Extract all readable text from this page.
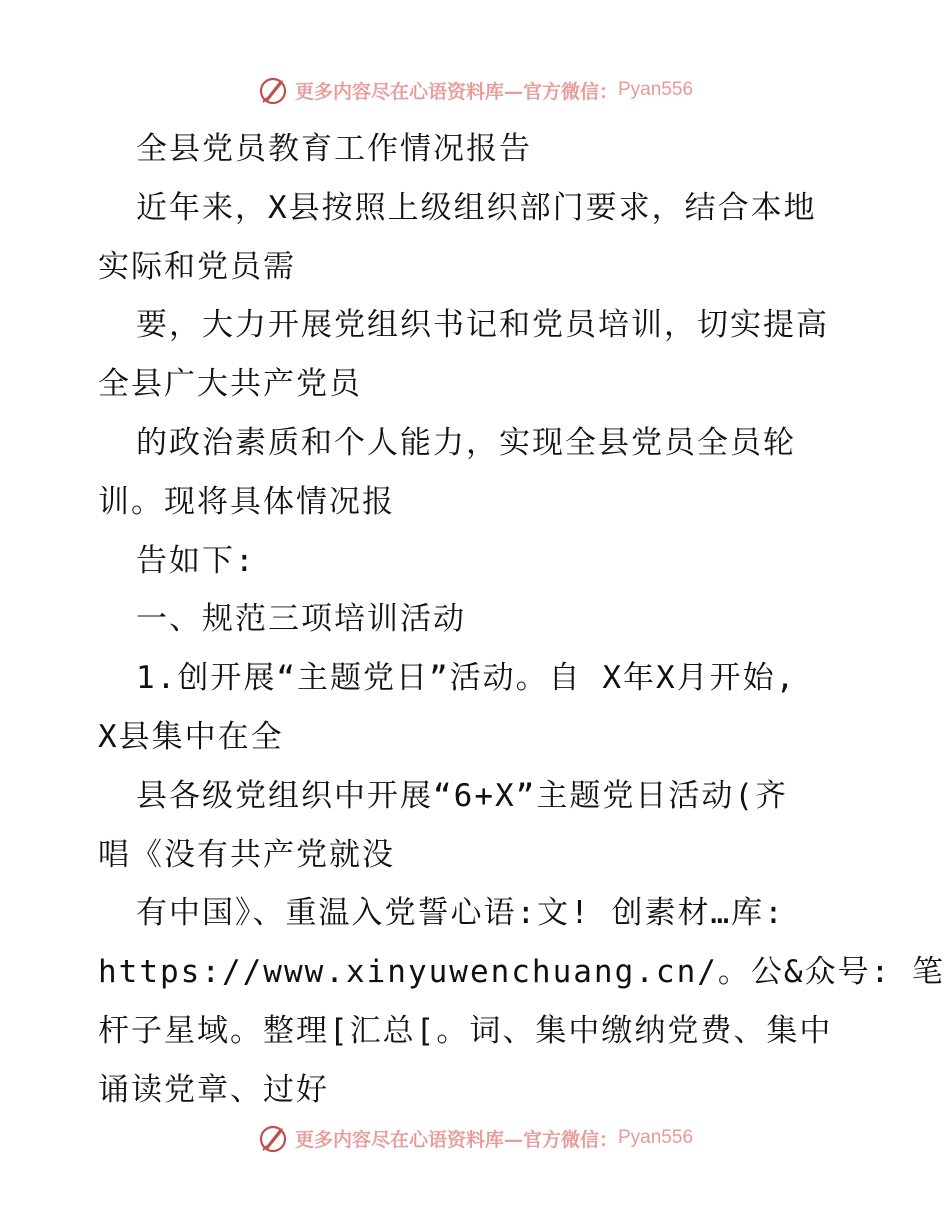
更多内容尽在心语资料库—官方微信： Pyan556
全县党员教育工作情况报告
近年来，X县按照上级组织部门要求，结合本地
实际和党员需
要，大力开展党组织书记和党员培训，切实提高
全县广大共产党员
的政治素质和个人能力，实现全县党员全员轮
训。现将具体情况报
告如下:
一、规范三项培训活动
1.创开展“主题党日”活动。自 X年X月开始,
X县集中在全
县各级党组织中开展“6+X”主题党日活动(齐
唱《没有共产党就没
有中国》、重温入党誓心语:文! 创素材…库:
https://www.xinyuwenchuang.cn/。公&众号: 笔
杆子星域。整理[汇总[。词、集中缴纳党费、集中
诵读党章、过好
更多内容尽在心语资料库—官方微信： Pyan556
